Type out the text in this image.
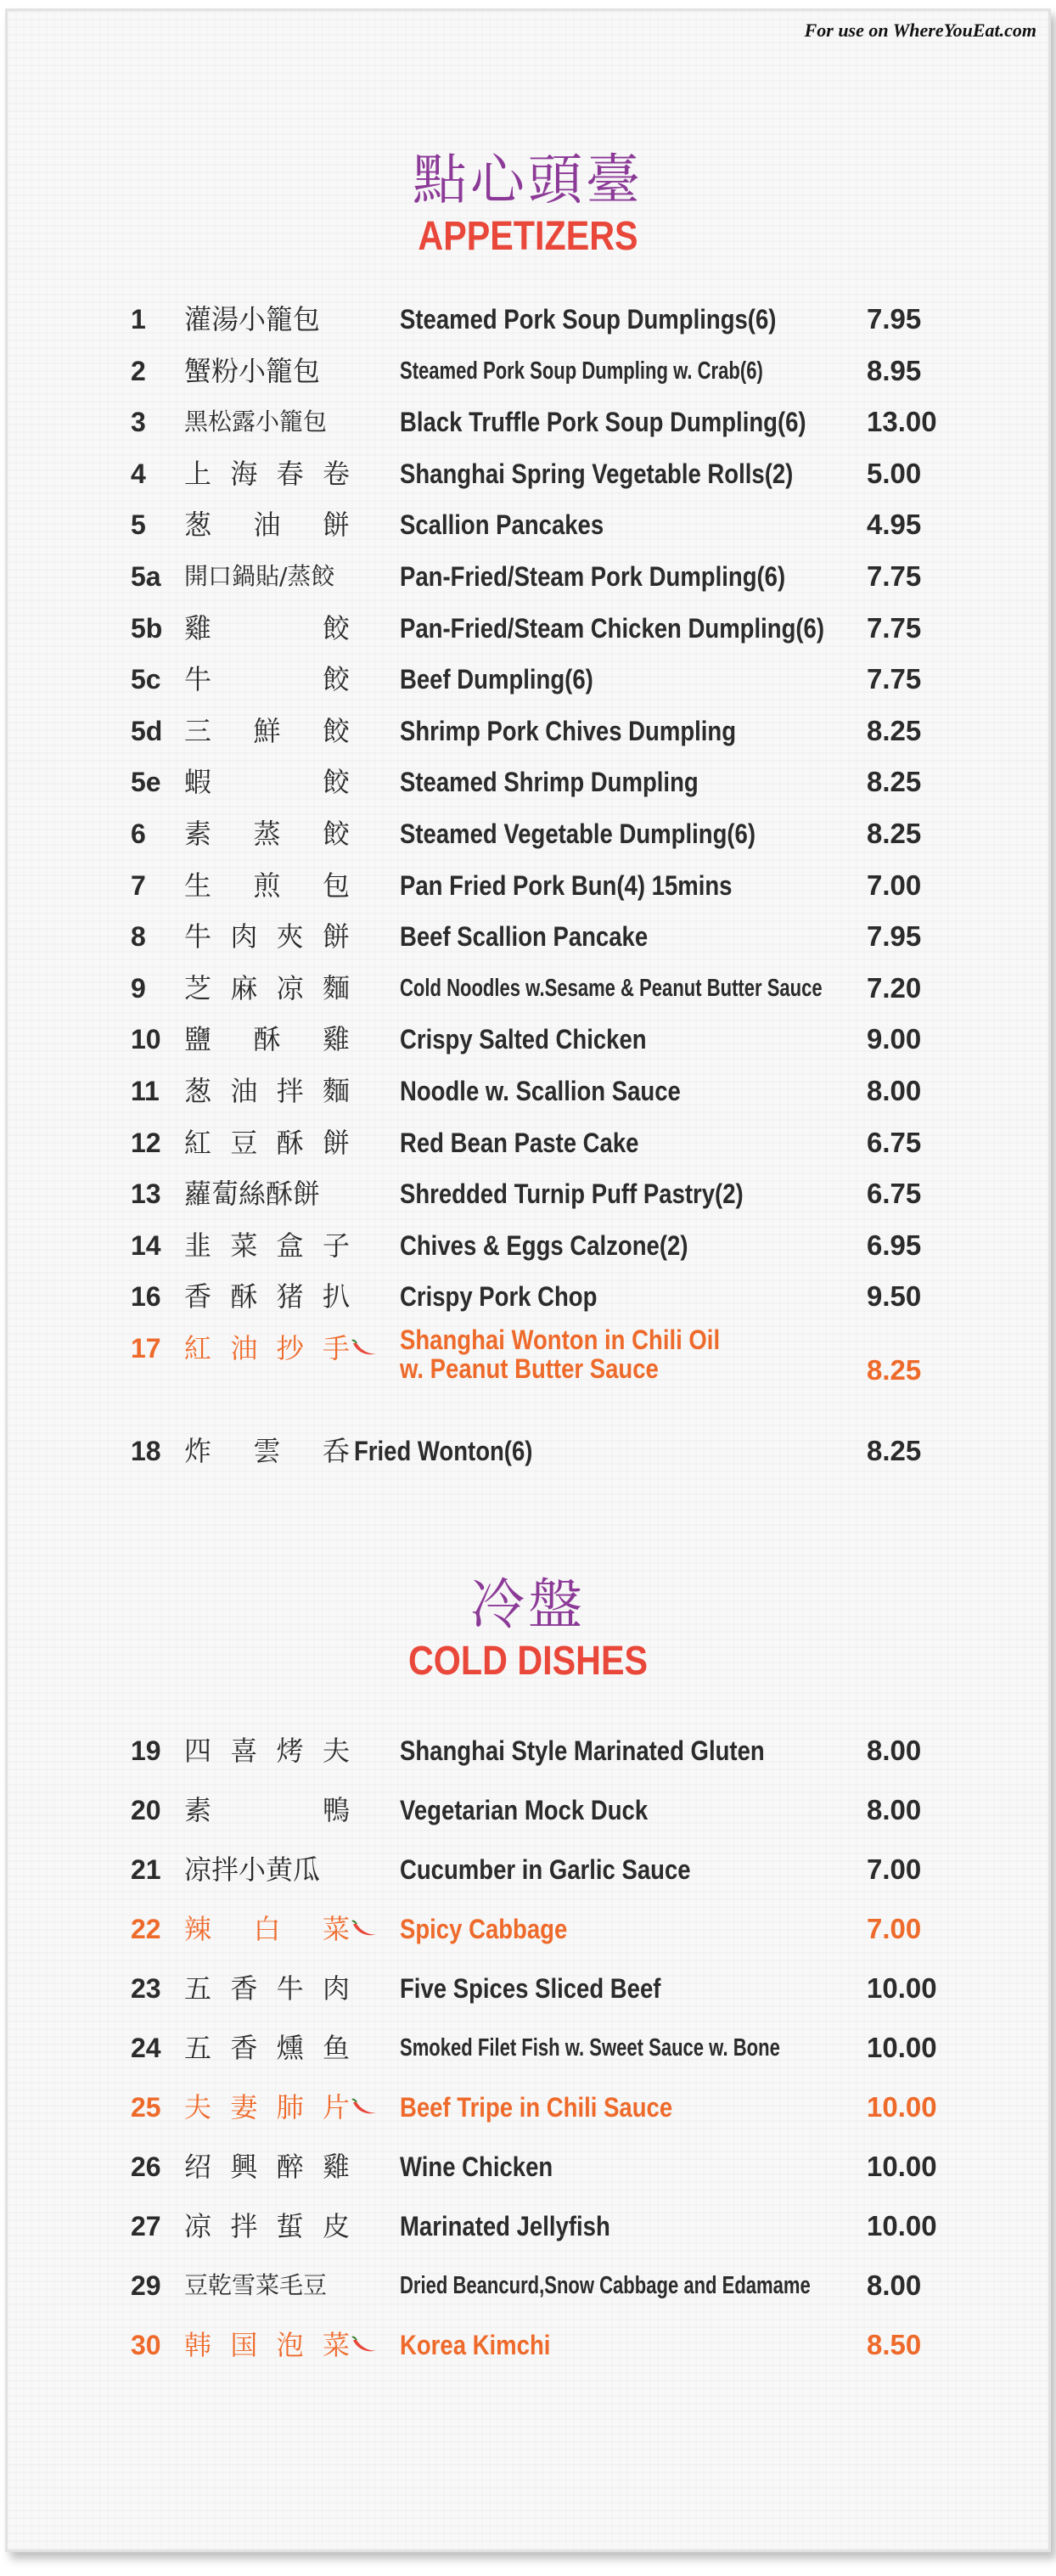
For use on WhereYouEat.com
點心頭臺
APPETIZERS
1 灌湯小籠包	Steamed Pork Soup Dumplings(6)	7.95
2 蟹粉小籠包	Steamed Pork Soup Dumpling w. Crab(6)	8.95
3 黑松露小籠包	Black Truffle Pork Soup Dumpling(6) 13.00
4 上 海 春 卷 Shanghai Spring Vegetable Rolls(2)	5.00
5 葱 油 餅 Scallion Pancakes	4.95
5a 開口鍋貼/蒸餃 Pan-Fried/Steam Pork Dumpling(6)	7.75
5b 雞	餃 Pan-Fried/Steam Chicken Dumpling(6) 7.75
5c 牛	餃 Beef Dumpling(6)	7.75
5d 三 鮮 餃 Shrimp Pork Chives Dumpling	8.25
5e 蝦	餃 Steamed Shrimp Dumpling	8.25
6 素 蒸 餃 Steamed Vegetable Dumpling(6)	8.25
7 生 煎 包 Pan Fried Pork Bun(4) 15mins	7.00
8 牛 肉 夾 餅 Beef Scallion Pancake	7.95
9 芝 麻 凉 麵 Cold Noodles w.Sesame & Peanut Butter Sauce 7.20
10 鹽 酥 雞 Crispy Salted Chicken	9.00
11 葱 油 拌 麵 Noodle w. Scallion Sauce	8.00
12 紅 豆 酥 餅 Red Bean Paste Cake	6.75
13 蘿蔔絲酥餅	Shredded Turnip Puff Pastry(2)	6.75
14 韭 菜 盒 子 Chives & Eggs Calzone(2)	6.95
16 香 酥 猪 扒 Crispy Pork Chop	9.50
17 紅 油 抄 手 Shanghai Wonton in Chili Oil
w. Peanut Butter Sauce	8.25
18 炸 雲 呑 Fried Wonton(6)	8.25
冷盤
COLD DISHES
19 四 喜 烤 夫 Shanghai Style Marinated Gluten	8.00
20 素	鴨 Vegetarian Mock Duck	8.00
21 凉拌小黄瓜	Cucumber in Garlic Sauce	7.00
22 辣 白 菜 Spicy Cabbage	7.00
23 五 香 牛 肉 Five Spices Sliced Beef	10.00
24 五 香 燻 鱼 Smoked Filet Fish w. Sweet Sauce w. Bone	10.00
25 夫 妻 肺 片 Beef Tripe in Chili Sauce	10.00
26 绍 興 醉 雞 Wine Chicken	10.00
27 凉 拌 蜇 皮 Marinated Jellyfish	10.00
29 豆乾雪菜毛豆	Dried Beancurd,Snow Cabbage and Edamame 8.00
30 韩 国 泡 菜 Korea Kimchi	8.50
